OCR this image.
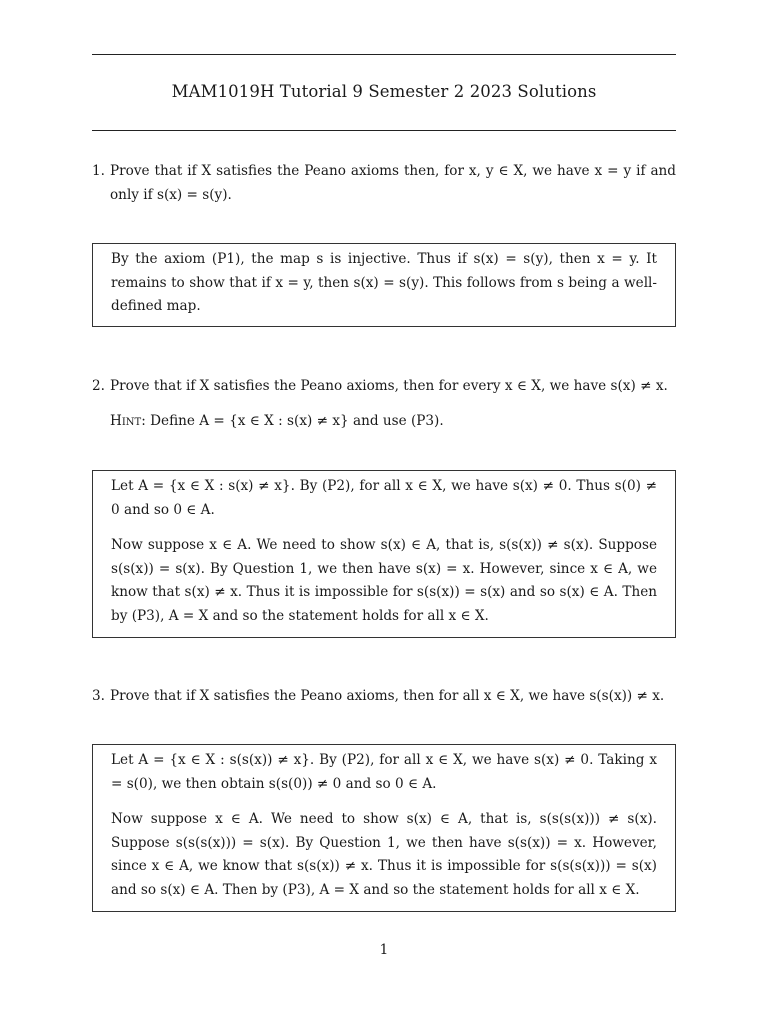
MAM1019H Tutorial 9 Semester 2 2023 Solutions
1. Prove that if X satisfies the Peano axioms then, for x, y ∈ X, we have x = y if and only if s(x) = s(y).

By the axiom (P1), the map s is injective. Thus if s(x) = s(y), then x = y. It remains to show that if x = y, then s(x) = s(y). This follows from s being a well-defined map.

2. Prove that if X satisfies the Peano axioms, then for every x ∈ X, we have s(x) ≠ x.
Hint: Define A = {x ∈ X : s(x) ≠ x} and use (P3).

Let A = {x ∈ X : s(x) ≠ x}. By (P2), for all x ∈ X, we have s(x) ≠ 0. Thus s(0) ≠ 0 and so 0 ∈ A.

Now suppose x ∈ A. We need to show s(x) ∈ A, that is, s(s(x)) ≠ s(x). Suppose s(s(x)) = s(x). By Question 1, we then have s(x) = x. However, since x ∈ A, we know that s(x) ≠ x. Thus it is impossible for s(s(x)) = s(x) and so s(x) ∈ A. Then by (P3), A = X and so the statement holds for all x ∈ X.

3. Prove that if X satisfies the Peano axioms, then for all x ∈ X, we have s(s(x)) ≠ x.

Let A = {x ∈ X : s(s(x)) ≠ x}. By (P2), for all x ∈ X, we have s(x) ≠ 0. Taking x = s(0), we then obtain s(s(0)) ≠ 0 and so 0 ∈ A.

Now suppose x ∈ A. We need to show s(x) ∈ A, that is, s(s(s(x))) ≠ s(x). Suppose s(s(s(x))) = s(x). By Question 1, we then have s(s(x)) = x. However, since x ∈ A, we know that s(s(x)) ≠ x. Thus it is impossible for s(s(s(x))) = s(x) and so s(x) ∈ A. Then by (P3), A = X and so the statement holds for all x ∈ X.

1
